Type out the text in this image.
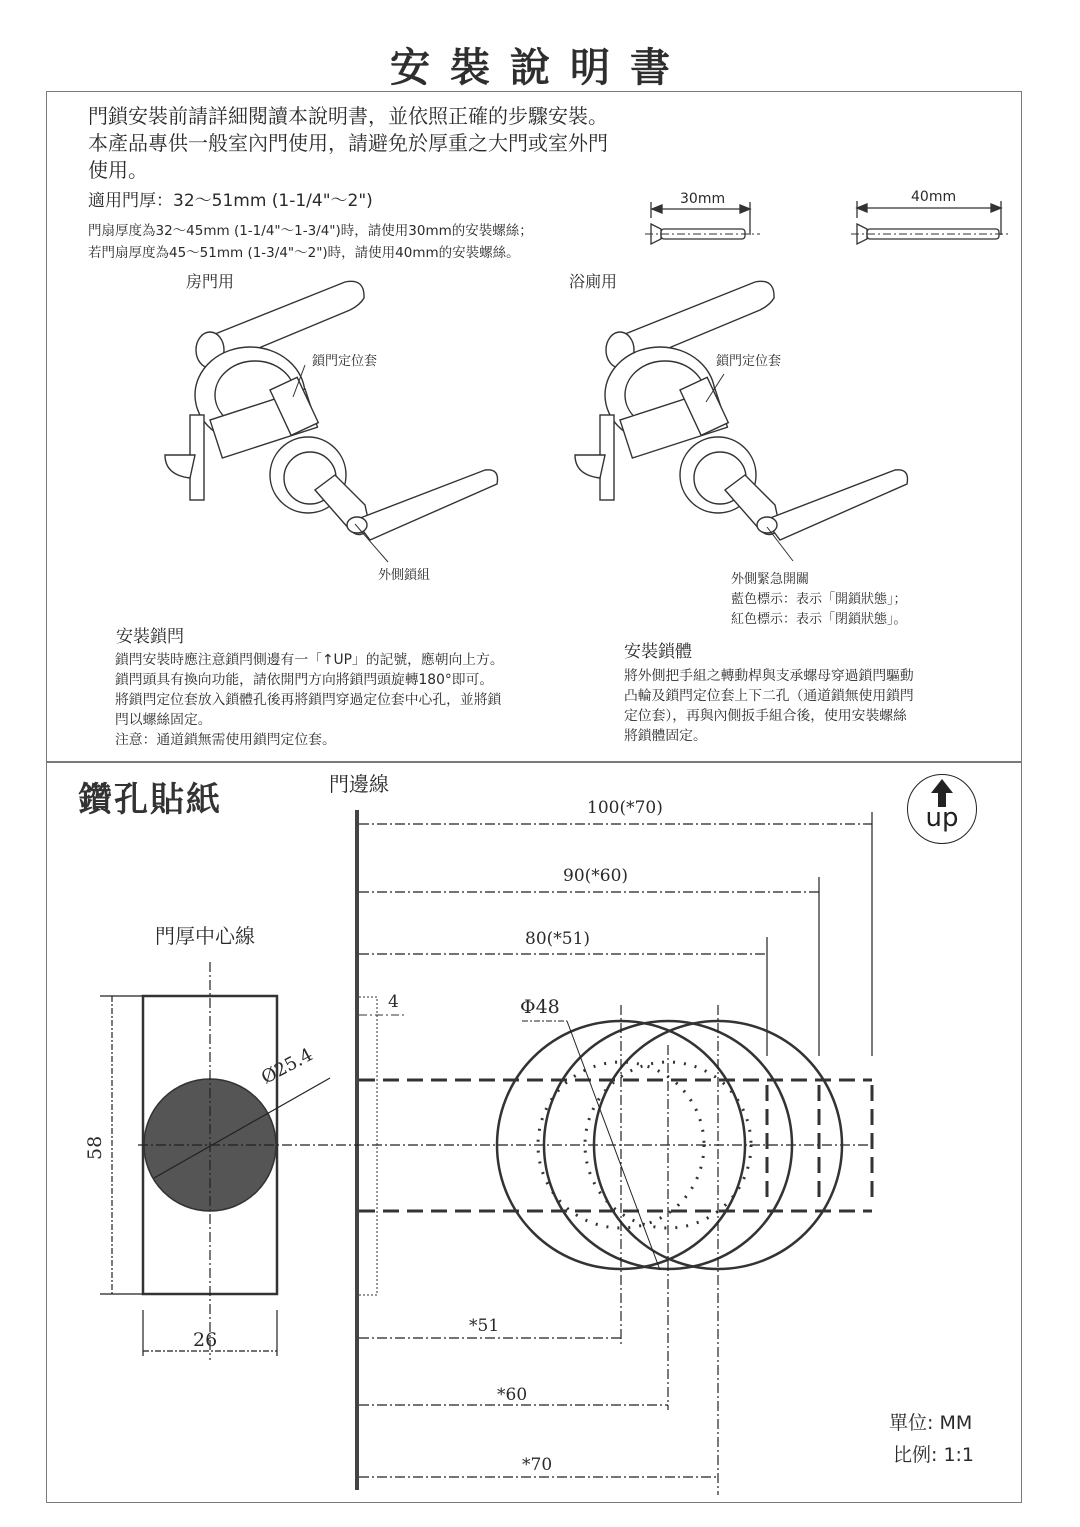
安裝說明書
門鎖安裝前請詳細閱讀本說明書，並依照正確的步驟安裝。
本產品專供一般室內門使用，請避免於厚重之大門或室外門
使用。
適用門厚：32～51mm (1-1/4"～2")
門扇厚度為32～45mm (1-1/4"～1-3/4")時，請使用30mm的安裝螺絲；
若門扇厚度為45～51mm (1-3/4"～2")時，請使用40mm的安裝螺絲。
30mm	40mm
房門用	浴廁用
鎖門定位套
外側鎖組
鎖門定位套
外側緊急開關
藍色標示：表示「開鎖狀態」；
紅色標示：表示「閉鎖狀態」。
安裝鎖閂
鎖閂安裝時應注意鎖閂側邊有一「↑UP」的記號，應朝向上方。
鎖閂頭具有換向功能，請依開門方向將鎖閂頭旋轉180°即可。
將鎖閂定位套放入鎖體孔後再將鎖閂穿過定位套中心孔，並將鎖
閂以螺絲固定。
注意：通道鎖無需使用鎖閂定位套。
安裝鎖體
將外側把手組之轉動桿與支承螺母穿過鎖閂驅動
凸輪及鎖閂定位套上下二孔（通道鎖無使用鎖閂
定位套），再與內側扳手組合後，使用安裝螺絲
將鎖體固定。
鑽孔貼紙	門邊線
門厚中心線
100(*70)
90(*60)
80(*51)
4	Φ48
*51
*60
*70
26
58
Ø25.4
單位: MM
比例: 1:1
up
